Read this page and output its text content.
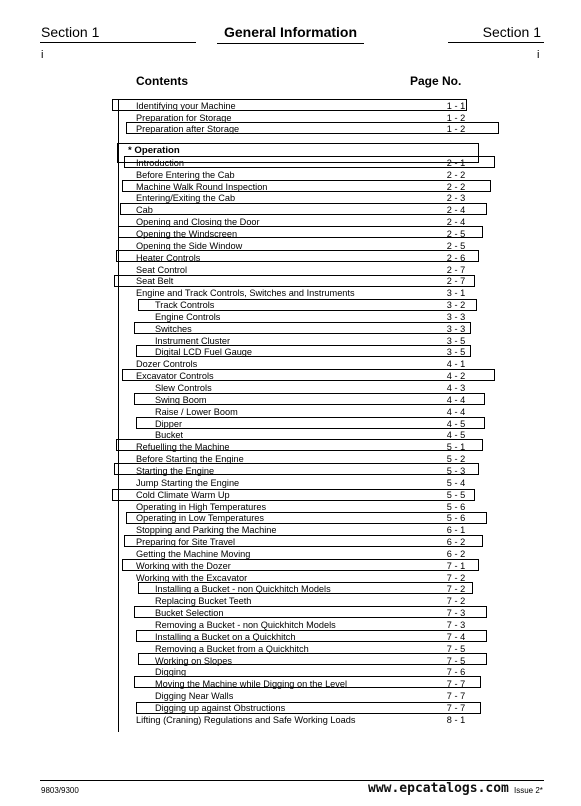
Section 1	General Information	Section 1
i	i
Contents	Page No.
Identifying your Machine	1 - 1
Preparation for Storage	1 - 2
Preparation after Storage	1 - 2
* Operation
Introduction	2 - 1
Before Entering the Cab	2 - 2
Machine Walk Round Inspection	2 - 2
Entering/Exiting the Cab	2 - 3
Cab	2 - 4
Opening and Closing the Door	2 - 4
Opening the Windscreen	2 - 5
Opening the Side Window	2 - 5
Heater Controls	2 - 6
Seat Control	2 - 7
Seat Belt	2 - 7
Engine and Track Controls, Switches and Instruments	3 - 1
Track Controls	3 - 2
Engine Controls	3 - 3
Switches	3 - 3
Instrument Cluster	3 - 5
Digital LCD Fuel Gauge	3 - 5
Dozer Controls	4 - 1
Excavator Controls	4 - 2
Slew Controls	4 - 3
Swing Boom	4 - 4
Raise / Lower Boom	4 - 4
Dipper	4 - 5
Bucket	4 - 5
Refuelling the Machine	5 - 1
Before Starting the Engine	5 - 2
Starting the Engine	5 - 3
Jump Starting the Engine	5 - 4
Cold Climate Warm Up	5 - 5
Operating in High Temperatures	5 - 6
Operating in Low Temperatures	5 - 6
Stopping and Parking the Machine	6 - 1
Preparing for Site Travel	6 - 2
Getting the Machine Moving	6 - 2
Working with the Dozer	7 - 1
Working with the Excavator	7 - 2
Installing a Bucket - non Quickhitch Models	7 - 2
Replacing Bucket Teeth	7 - 2
Bucket Selection	7 - 3
Removing a Bucket - non Quickhitch Models	7 - 3
Installing a Bucket on a Quickhitch	7 - 4
Removing a Bucket from a Quickhitch	7 - 5
Working on Slopes	7 - 5
Digging	7 - 6
Moving the Machine while Digging on the Level	7 - 7
Digging Near Walls	7 - 7
Digging up against Obstructions	7 - 7
Lifting (Craning) Regulations and Safe Working Loads	8 - 1
9803/9300	www.epcatalogs.com Issue 2*
